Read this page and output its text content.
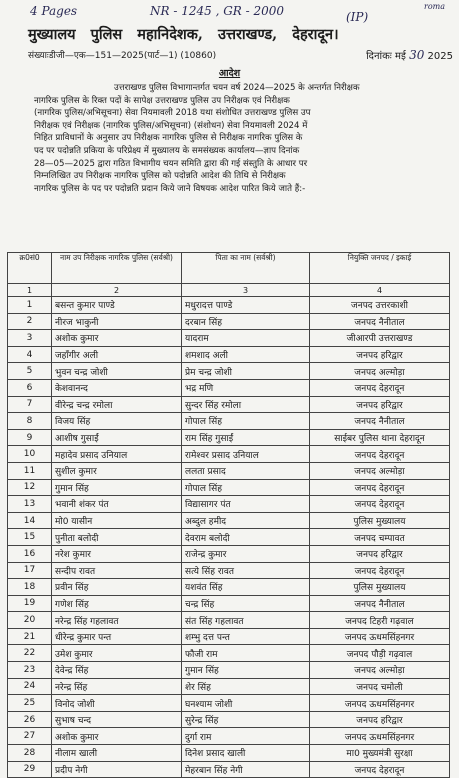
4 Pages	NR - 1245 , GR - 2000	(IP)
roma
मुख्यालय पुलिस महानिदेशक, उत्तराखण्ड, देहरादून।
संख्याःडीजी—एक—151—2025(पार्ट—1) (10860)	दिनांकः मई 30 2025
आदेश
उत्तराखण्ड पुलिस विभागान्तर्गत चयन वर्ष 2024—2025 के अन्तर्गत निरीक्षक
नागरिक पुलिस के रिक्त पदों के सापेक्ष उत्तराखण्ड पुलिस उप निरीक्षक एवं निरीक्षक
(नागरिक पुलिस/अभिसूचना) सेवा नियमावली 2018 यथा संशोधित उत्तराखण्ड पुलिस उप
निरीक्षक एवं निरीक्षक (नागरिक पुलिस/अभिसूचना) (संशोधन) सेवा नियमावली 2024 में
निहित प्राविधानों के अनुसार उप निरीक्षक नागरिक पुलिस से निरीक्षक नागरिक पुलिस के
पद पर पदोन्नति प्रकिया के परिप्रेक्ष्य में मुख्यालय के समसंख्यक कार्यालय—ज्ञाप दिनांक
28—05—2025 द्वारा गठित विभागीय चयन समिति द्वारा की गई संस्तुति के आधार पर
निम्नलिखित उप निरीक्षक नागरिक पुलिस को पदोन्नति आदेश की तिथि से निरीक्षक
नागरिक पुलिस के पद पर पदोन्नति प्रदान किये जाने विषयक आदेश पारित किये जाते हैं:-
क्र0सं0	नाम उप निरीक्षक नागरिक पुलिस (सर्वश्री)	पिता का नाम (सर्वश्री)	नियुक्ति जनपद / इकाई
1	2	3	4
1	बसन्त कुमार पाण्डे	मधुरादत्त पाण्डे	जनपद उत्तरकाशी
2	नीरज भाकुनी	दरबान सिंह	जनपद नैनीताल
3	अशोक कुमार	यादराम	जीआरपी उत्तराखण्ड
4	जहाँगीर अली	शमशाद अली	जनपद हरिद्वार
5	भुवन चन्द्र जोशी	प्रेम चन्द्र जोशी	जनपद अल्मोड़ा
6	केशवानन्द	भद्र मणि	जनपद देहरादून
7	वीरेन्द्र चन्द्र रमोला	सुन्दर सिंह रमोला	जनपद हरिद्वार
8	विजय सिंह	गोपाल सिंह	जनपद नैनीताल
9	आशीष गुसाईं	राम सिंह गुसाईं	साईबर पुलिस थाना देहरादून
10	महादेव प्रसाद उनियाल	रामेश्वर प्रसाद उनियाल	जनपद देहरादून
11	सुशील कुमार	ललता प्रसाद	जनपद अल्मोड़ा
12	गुमान सिंह	गोपाल सिंह	जनपद देहरादून
13	भवानी शंकर पंत	विद्यासागर पंत	जनपद देहरादून
14	मो0 यासीन	अब्दुल हमीद	पुलिस मुख्यालय
15	पुनीता बलोदी	देवराम बलोदी	जनपद चम्पावत
16	नरेश कुमार	राजेन्द्र कुमार	जनपद हरिद्वार
17	सन्दीप रावत	सत्ये सिंह रावत	जनपद देहरादून
18	प्रवीन सिंह	यशवंत सिंह	पुलिस मुख्यालय
19	गणेश सिंह	चन्द्र सिंह	जनपद नैनीताल
20	नरेन्द्र सिंह गहलावत	संत सिंह गहलावत	जनपद टिहरी गढ़वाल
21	धीरेन्द्र कुमार पन्त	शम्भु दत्त पन्त	जनपद ऊधमसिंहनगर
22	उमेश कुमार	फौजी राम	जनपद पौड़ी गढ़वाल
23	देवेन्द्र सिंह	गुमान सिंह	जनपद अल्मोड़ा
24	नरेन्द्र सिंह	शेर सिंह	जनपद चमोली
25	विनोद जोशी	घनश्याम जोशी	जनपद ऊधमसिंहनगर
26	सुभाष चन्द	सुरेन्द्र सिंह	जनपद हरिद्वार
27	अशोक कुमार	दुर्गा राम	जनपद ऊधमसिंहनगर
28	नीलाम खाली	दिनेश प्रसाद खाली	मा0 मुख्यमंत्री सुरक्षा
29	प्रदीप नेगी	मेहरबान सिंह नेगी	जनपद देहरादून
